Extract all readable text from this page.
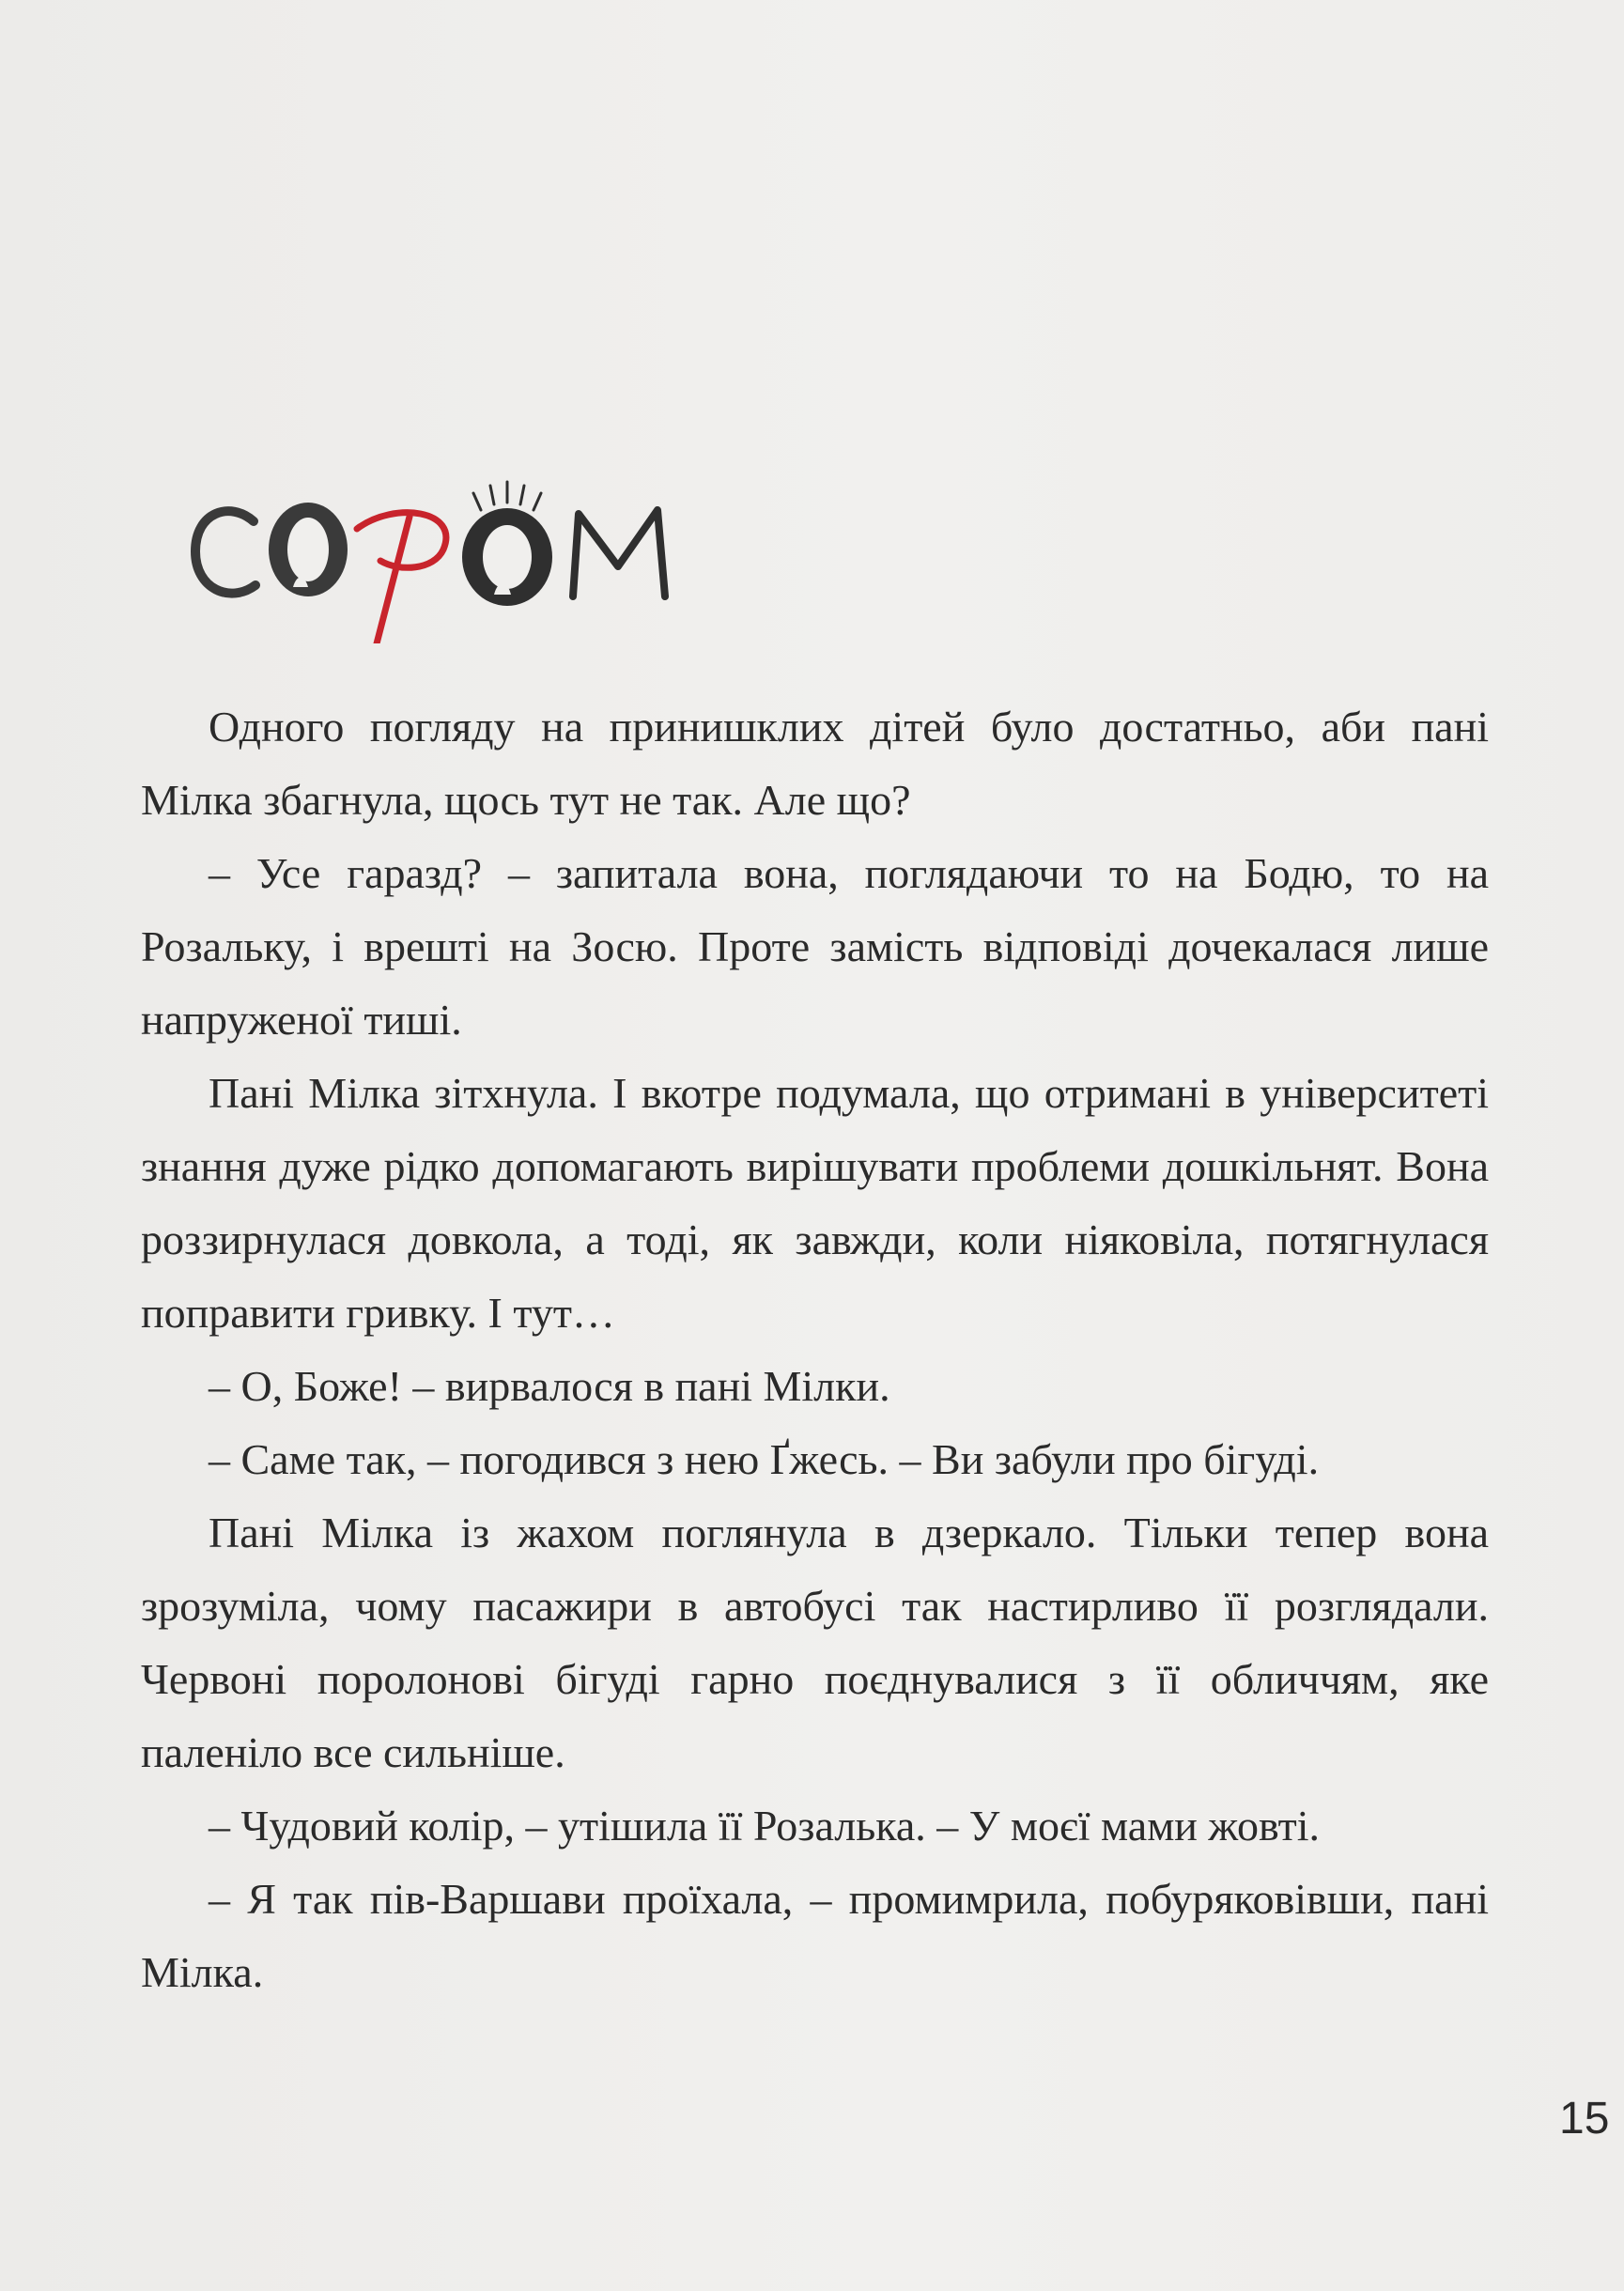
СОРОМ

Одного погляду на принишклих дітей було достатньо, аби пані Мілка збагнула, щось тут не так. Але що?

– Усе гаразд? – запитала вона, поглядаючи то на Бодю, то на Розальку, і врешті на Зосю. Проте замість відповіді дочекалася лише напруженої тиші.

Пані Мілка зітхнула. І вкотре подумала, що отримані в університеті знання дуже рідко допомагають вирішувати проблеми дошкільнят. Вона роззирнулася довкола, а тоді, як завжди, коли ніяковіла, потягнулася поправити гривку. І тут…

– О, Боже! – вирвалося в пані Мілки.

– Саме так, – погодився з нею Ґжесь. – Ви забули про бігуді.

Пані Мілка із жахом поглянула в дзеркало. Тільки тепер вона зрозуміла, чому пасажири в автобусі так настирливо її розглядали. Червоні поролонові бігуді гарно поєднувалися з її обличчям, яке паленіло все сильніше.

– Чудовий колір, – утішила її Розалька. – У моєї мами жовті.

– Я так пів-Варшави проїхала, – промимрила, побуряковівши, пані Мілка.

15
